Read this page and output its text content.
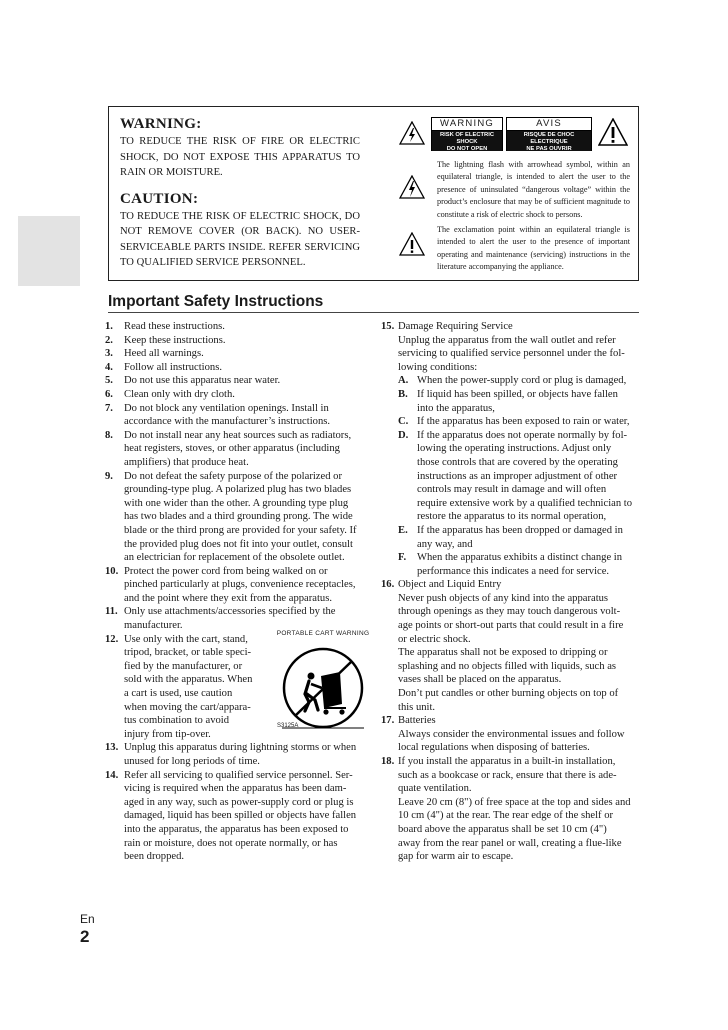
WARNING:

TO REDUCE THE RISK OF FIRE OR ELECTRIC SHOCK, DO NOT EXPOSE THIS APPARATUS TO RAIN OR MOISTURE.

CAUTION:

TO REDUCE THE RISK OF ELECTRIC SHOCK, DO NOT REMOVE COVER (OR BACK). NO USER-SERVICEABLE PARTS INSIDE. REFER SERVICING TO QUALIFIED SERVICE PERSONNEL.

WARNING
RISK OF ELECTRIC SHOCK
DO NOT OPEN
AVIS
RISQUE DE CHOC ELECTRIQUE
NE PAS OUVRIR

The lightning flash with arrowhead symbol, within an equilateral triangle, is intended to alert the user to the presence of uninsulated “dangerous voltage” within the product’s enclosure that may be of sufficient magnitude to constitute a risk of electric shock to persons.

The exclamation point within an equilateral triangle is intended to alert the user to the presence of important operating and maintenance (servicing) instructions in the literature accompanying the appliance.

Important Safety Instructions
1. Read these instructions.

2. Keep these instructions.

3. Heed all warnings.

4. Follow all instructions.

5. Do not use this apparatus near water.

6. Clean only with dry cloth.

7. Do not block any ventilation openings. Install in

accordance with the manufacturer’s instructions.

8. Do not install near any heat sources such as radiators,

heat registers, stoves, or other apparatus (including

amplifiers) that produce heat.

9. Do not defeat the safety purpose of the polarized or

grounding-type plug. A polarized plug has two blades

with one wider than the other. A grounding type plug

has two blades and a third grounding prong. The wide

blade or the third prong are provided for your safety. If

the provided plug does not fit into your outlet, consult

an electrician for replacement of the obsolete outlet.

10. Protect the power cord from being walked on or

pinched particularly at plugs, convenience receptacles,

and the point where they exit from the apparatus.

11. Only use attachments/accessories specified by the

manufacturer.

12. Use only with the cart, stand,

tripod, bracket, or table speci-

fied by the manufacturer, or

sold with the apparatus. When

a cart is used, use caution

when moving the cart/appara-

tus combination to avoid

injury from tip-over.

13. Unplug this apparatus during lightning storms or when

unused for long periods of time.

14. Refer all servicing to qualified service personnel. Ser-

vicing is required when the apparatus has been dam-

aged in any way, such as power-supply cord or plug is

damaged, liquid has been spilled or objects have fallen

into the apparatus, the apparatus has been exposed to

rain or moisture, does not operate normally, or has

been dropped.

PORTABLE CART WARNING
S3125A
15. Damage Requiring Service

Unplug the apparatus from the wall outlet and refer

servicing to qualified service personnel under the fol-

lowing conditions:

A. When the power-supply cord or plug is damaged,

B. If liquid has been spilled, or objects have fallen

into the apparatus,

C. If the apparatus has been exposed to rain or water,

D. If the apparatus does not operate normally by fol-

lowing the operating instructions. Adjust only

those controls that are covered by the operating

instructions as an improper adjustment of other

controls may result in damage and will often

require extensive work by a qualified technician to

restore the apparatus to its normal operation,

E. If the apparatus has been dropped or damaged in

any way, and

F. When the apparatus exhibits a distinct change in

performance this indicates a need for service.

16. Object and Liquid Entry

Never push objects of any kind into the apparatus

through openings as they may touch dangerous volt-

age points or short-out parts that could result in a fire

or electric shock.

The apparatus shall not be exposed to dripping or

splashing and no objects filled with liquids, such as

vases shall be placed on the apparatus.

Don’t put candles or other burning objects on top of

this unit.

17. Batteries

Always consider the environmental issues and follow

local regulations when disposing of batteries.

18. If you install the apparatus in a built-in installation,

such as a bookcase or rack, ensure that there is ade-

quate ventilation.

Leave 20 cm (8") of free space at the top and sides and

10 cm (4") at the rear. The rear edge of the shelf or

board above the apparatus shall be set 10 cm (4")

away from the rear panel or wall, creating a flue-like

gap for warm air to escape.

En
2
